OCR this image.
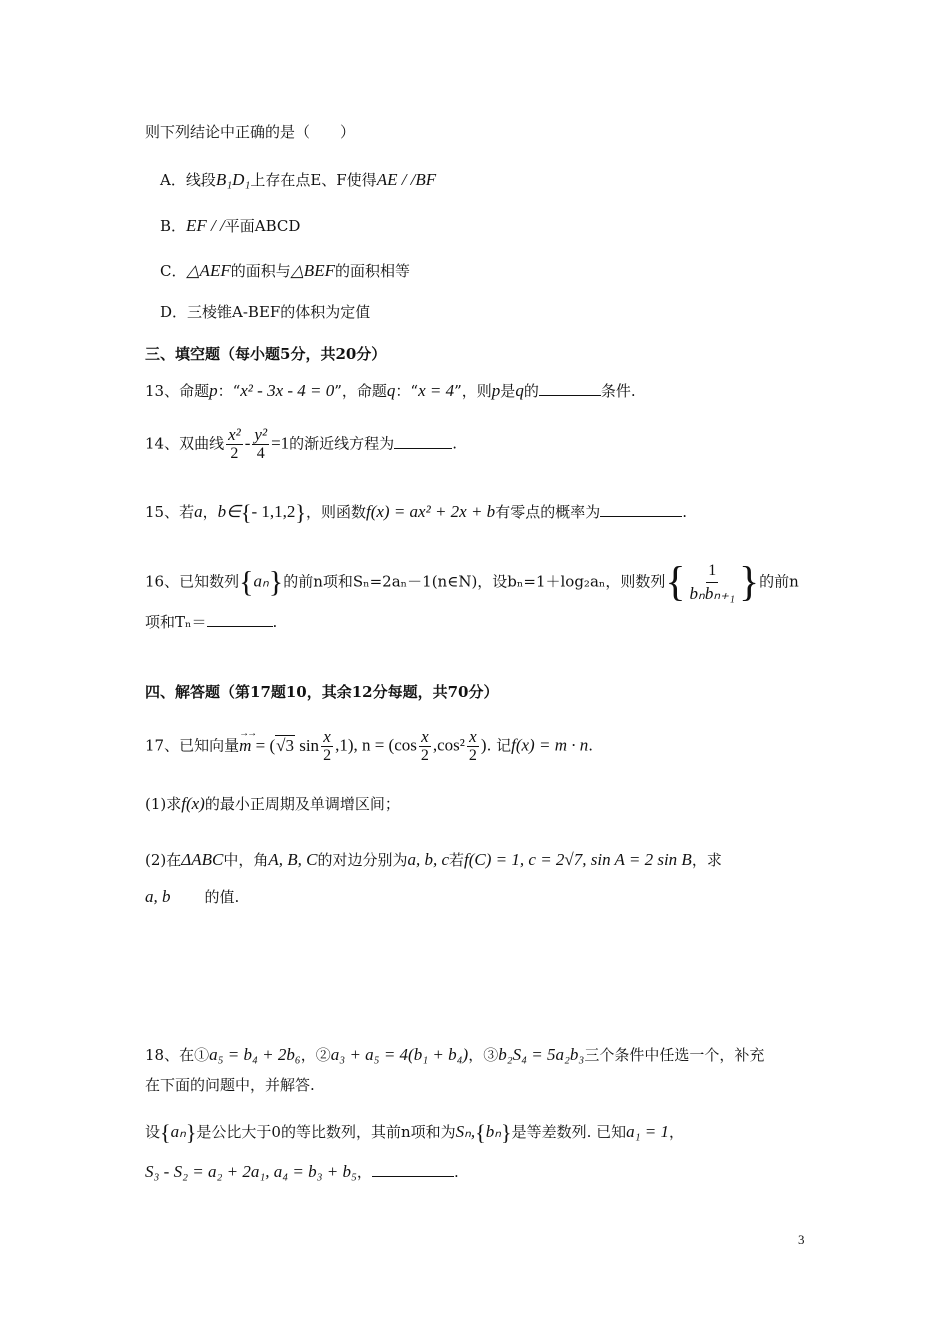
则下列结论中正确的是（　　）
A．线段B₁D₁上存在点E、F使得AE / /BF
B．EF / /平面ABCD
C．△AEF的面积与△BEF的面积相等
D．三棱锥A-BEF的体积为定值
三、填空题（每小题5分，共20分）
13、命题p：“x² - 3x - 4 = 0”，命题q：“x = 4”，则p是q的	条件.
14、双曲线 $\frac{\text{x²}}{2} - \frac{\text{y²}}{4} =1$的渐近线方程为	.
15、若a，b∈{- 1,1,2}，则函数f(x) = ax² + 2x + b有零点的概率为	.
16、已知数列{aₙ}的前n项和Sₙ=2aₙ－1(n∈N)，设bₙ=1＋log₂aₙ，则数列{ $\frac{1}{\text{bₙbₙ₊₁}}$ }的前n
项和Tₙ＝	.
四、解答题（第17题10，其余12分每题，共70分）
17、已知向量→→ m = (√3 $\sin \frac{x}{2} ,1$), $n = (\cos \frac{x}{2} ,\cos^2 \frac{x}{2}$ ). 记f(x) = m · n.
(1)求f(x)的最小正周期及单调增区间；
(2)在ΔABC中，角A, B, C的对边分别为a, b, c若f(C) = 1, c = 2√7, sin A = 2 sin B，求
a, b 的值.
18、在①a₅ = b₄ + 2b₆，②a₃ + a₅ = 4(b₁ + b₄)，③b₂S₄ = 5a₂b₃三个条件中任选一个，补充
在下面的问题中，并解答.
设{aₙ}是公比大于0的等比数列，其前n项和为Sₙ,{bₙ}是等差数列. 已知a₁ = 1，
S₃ - S₂ = a₂ + 2a₁, a₄ = b₃ + b₅，	.
3
